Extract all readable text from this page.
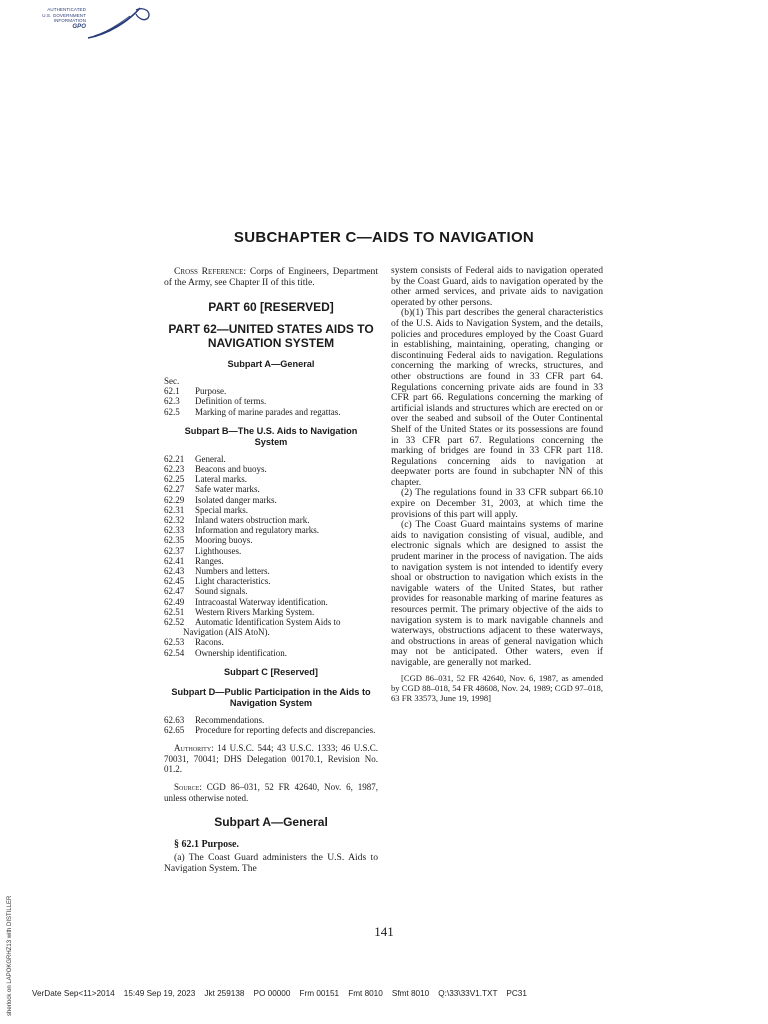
AUTHENTICATED
U.S. GOVERNMENT
INFORMATION
GPO
SUBCHAPTER C—AIDS TO NAVIGATION

Cross Reference: Corps of Engineers, Department of the Army, see Chapter II of this title.

PART 60 [RESERVED]
PART 62—UNITED STATES AIDS TO NAVIGATION SYSTEM
Subpart A—General
Sec.
62.1	Purpose.
62.3	Definition of terms.
62.5 Marking of marine parades and regattas.
Subpart B—The U.S. Aids to Navigation System
62.21	General.
62.23	Beacons and buoys.
62.25	Lateral marks.
62.27	Safe water marks.
62.29	Isolated danger marks.
62.31	Special marks.
62.32	Inland waters obstruction mark.
62.33	Information and regulatory marks.
62.35	Mooring buoys.
62.37	Lighthouses.
62.41	Ranges.
62.43	Numbers and letters.
62.45	Light characteristics.
62.47	Sound signals.
62.49 Intracoastal Waterway identification.
62.51	Western Rivers Marking System.
62.52 Automatic Identification System Aids to Navigation (AIS AtoN).
62.53	Racons.
62.54	Ownership identification.
Subpart C [Reserved]
Subpart D—Public Participation in the Aids to Navigation System
62.63	Recommendations.
62.65 Procedure for reporting defects and discrepancies.
Authority: 14 U.S.C. 544; 43 U.S.C. 1333; 46 U.S.C. 70031, 70041; DHS Delegation 00170.1, Revision No. 01.2.
Source: CGD 86–031, 52 FR 42640, Nov. 6, 1987, unless otherwise noted.
Subpart A—General
§ 62.1 Purpose.

(a) The Coast Guard administers the U.S. Aids to Navigation System. The

system consists of Federal aids to navigation operated by the Coast Guard, aids to navigation operated by the other armed services, and private aids to navigation operated by other persons.

(b)(1) This part describes the general characteristics of the U.S. Aids to Navigation System, and the details, policies and procedures employed by the Coast Guard in establishing, maintaining, operating, changing or discontinuing Federal aids to navigation. Regulations concerning the marking of wrecks, structures, and other obstructions are found in 33 CFR part 64. Regulations concerning private aids are found in 33 CFR part 66. Regulations concerning the marking of artificial islands and structures which are erected on or over the seabed and subsoil of the Outer Continental Shelf of the United States or its possessions are found in 33 CFR part 67. Regulations concerning the marking of bridges are found in 33 CFR part 118. Regulations concerning aids to navigation at deepwater ports are found in subchapter NN of this chapter.

(2) The regulations found in 33 CFR subpart 66.10 expire on December 31, 2003, at which time the provisions of this part will apply.

(c) The Coast Guard maintains systems of marine aids to navigation consisting of visual, audible, and electronic signals which are designed to assist the prudent mariner in the process of navigation. The aids to navigation system is not intended to identify every shoal or obstruction to navigation which exists in the navigable waters of the United States, but rather provides for reasonable marking of marine features as resources permit. The primary objective of the aids to navigation system is to mark navigable channels and waterways, obstructions adjacent to these waterways, and obstructions in areas of general navigation which may not be anticipated. Other waters, even if navigable, are generally not marked.

[CGD 86–031, 52 FR 42640, Nov. 6, 1987, as amended by CGD 88–018, 54 FR 48608, Nov. 24, 1989; CGD 97–018, 63 FR 33573, June 19, 1998]
141
VerDate Sep<11>2014    15:49 Sep 19, 2023    Jkt 259138    PO 00000    Frm 00151    Fmt 8010    Sfmt 8010    Q:\33\33V1.TXT    PC31
sherlock on LAPOKGRHZ13 with DISTILLER
